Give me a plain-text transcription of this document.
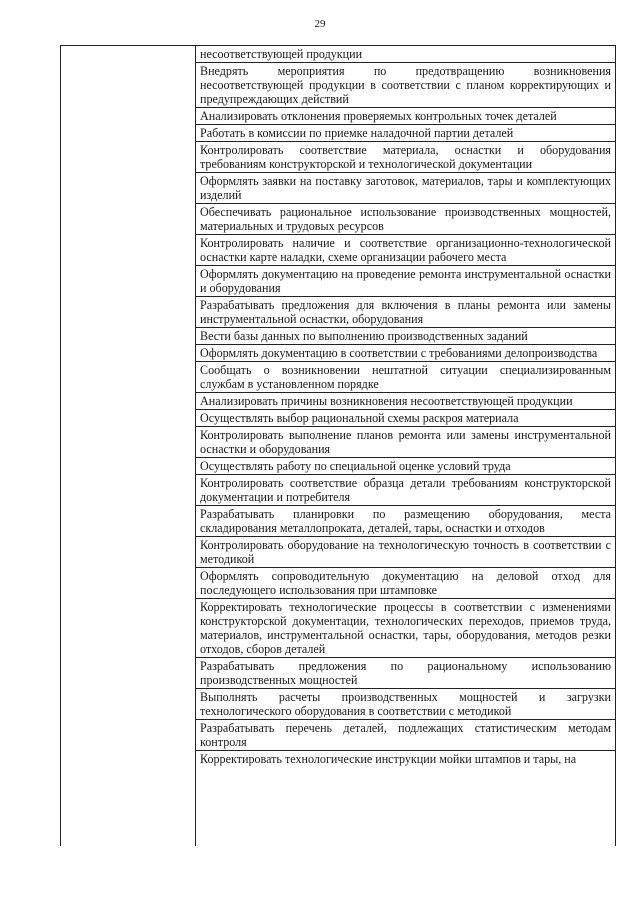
29
несоответствующей продукции
Внедрять мероприятия по предотвращению возникновения несоответствующей продукции в соответствии с планом корректирующих и предупреждающих действий
Анализировать отклонения проверяемых контрольных точек деталей
Работать в комиссии по приемке наладочной партии деталей
Контролировать соответствие материала, оснастки и оборудования требованиям конструкторской и технологической документации
Оформлять заявки на поставку заготовок, материалов, тары и комплектующих изделий
Обеспечивать рациональное использование производственных мощностей, материальных и трудовых ресурсов
Контролировать наличие и соответствие организационно-технологической оснастки карте наладки, схеме организации рабочего места
Оформлять документацию на проведение ремонта инструментальной оснастки и оборудования
Разрабатывать предложения для включения в планы ремонта или замены инструментальной оснастки, оборудования
Вести базы данных по выполнению производственных заданий
Оформлять документацию в соответствии с требованиями делопроизводства
Сообщать о возникновении нештатной ситуации специализированным службам в установленном порядке
Анализировать причины возникновения несоответствующей продукции
Осуществлять выбор рациональной схемы раскроя материала
Контролировать выполнение планов ремонта или замены инструментальной оснастки и оборудования
Осуществлять работу по специальной оценке условий труда
Контролировать соответствие образца детали требованиям конструкторской документации и потребителя
Разрабатывать планировки по размещению оборудования, места складирования металлопроката, деталей, тары, оснастки и отходов
Контролировать оборудование на технологическую точность в соответствии с методикой
Оформлять сопроводительную документацию на деловой отход для последующего использования при штамповке
Корректировать технологические процессы в соответствии с изменениями конструкторской документации, технологических переходов, приемов труда, материалов, инструментальной оснастки, тары, оборудования, методов резки отходов, сборов деталей
Разрабатывать предложения по рациональному использованию производственных мощностей
Выполнять расчеты производственных мощностей и загрузки технологического оборудования в соответствии с методикой
Разрабатывать перечень деталей, подлежащих статистическим методам контроля
Корректировать технологические инструкции мойки штампов и тары, на
